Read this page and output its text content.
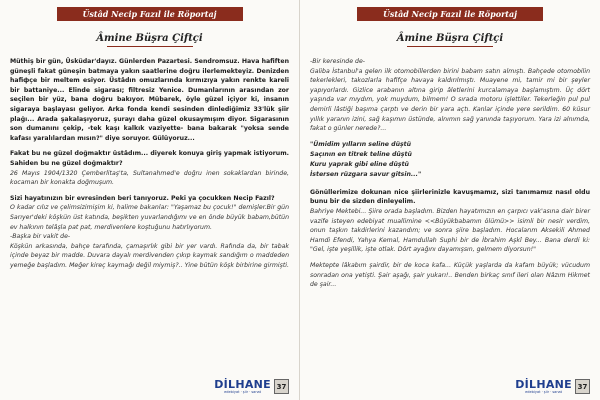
Üstâd Necip Fazıl ile Röportaj
Âmine Büşra Çiftçi

Müthiş bir gün, Üsküdar'dayız. Günlerden Pazartesi. Sendromsuz. Hava hafiften güneşli fakat güneşin batmaya yakın saatlerine doğru ilerlemekteyiz. Denizden hafiфçe bir meltem esiyor. Üstâdın omuzlarında kırmızıya yakın renkte kareli bir battaniye... Elinde sigarası; filtresiz Yenice. Dumanlarının arasından zor seçilen bir yüz, bana doğru bakıyor. Mübarek, öyle güzel içiyor ki, insanın sigaraya başlayası geliyor. Arka fonda kendi sesinden dinlediğimiz 33'lük şiir plağı... Arada şakalaşıyoruz, şurayı daha güzel okusaymışım diyor. Sigarasının son dumanını çekip, -tek kaşı kalkık vaziyette- bana bakarak "yoksa sende kafası yaralılardan mısın?" diye soruyor. Gülüyoruz...

Fakat bu ne güzel doğmaktır üstâdım... diyerek konuya giriş yapmak istiyorum. Sahiden bu ne güzel doğmaktır?

26 Mayıs 1904/1320 Çemberlitaş'ta, Sultanahmed'e doğru inen sokaklardan birinde, kocaman bir konakta doğmuşum.

Sizi hayatınızın bir evresinden beri tanıyoruz. Peki ya çocukken Necip Fazıl?

O kadar cılız ve çelimsizimişim ki, halime bakanlar: "Yaşamaz bu çocuk!" demişler.Bir gün Sarıyer'deki köşkün üst katında, beşikten yuvarlandığımı ve en önde büyük babam,bütün ev halkının telâşla pat pat, merdivenlere koştuğunu hatırlıyorum.

-Başka bir vakit de-

Köşkün arkasında, bahçe tarafında, çamaşırlık gibi bir yer vardı. Rafında da, bir tabak içinde beyaz bir madde. Duvara dayalı merdivenden çıkıp kaymak sandığım o maddeden yemeğe başladım. Meğer kireç kaymağı değil miymiş?.. Yine bütün köşk birbirine girmişti.

DİLHANE
edebiyat · şiir · sanat
37
Üstâd Necip Fazıl ile Röportaj
Âmine Büşra Çiftçi

-Bir keresinde de-

Galiba İstanbul'a gelen ilk otomobillerden birini babam satın almıştı. Bahçede otomobilin tekerlekleri, takozlarla hafifçe havaya kaldırılmıştı. Muayene mi, tamir mi bir şeyler yapıyorlardı. Gizlice arabanın altına girip âletlerini kurcalamaya başlamıştım. Üç dört yaşında var mıydım, yok muydum, bilmem! O sırada motoru işlettiler. Tekerleğin pul pul demirli lâstiği başıma çarptı ve derin bir yara açtı. Kanlar içinde yere serildim. 60 küsur yıllık yaranın izini, sağ kaşımın üstünde, alnımın sağ yanında taşıyorum. Yara izi alnımda, fakat o günler nerede?...

"Ümidim yılların seline düştü
Saçının en titrek teline düştü
Kuru yaprak gibi eline düştü
İstersen rüzgara savur gitsin..."

Gönüllerimize dokunan nice şiirlerinizle kavuşmamız, sizi tanımamız nasıl oldu bunu bir de sizden dinleyelim.

Bahriye Mektebi... Şiire orada başladım. Bizden hayatımızın en çarpıcı vak'asına dair birer vazife isteyen edebiyat muallimine <<Büyükbabamın ölümü>> isimli bir nesir verdim, onun taşkın takdirlerini kazandım; ve sonra şiire başladım. Hocalarım Aksekili Ahmed Hamdi Efendi, Yahya Kemal, Hamdullah Suphi bir de İbrahim Aşkî Bey... Bana derdi ki: "Gel, işte yeşillik, işte otlak. Dört ayağını dayamışsın, gelmem diyorsun!"

Mektepte lâkabım şairdir, bir de koca kafa... Küçük yaşlarda da kafam büyük; vücudum sonradan ona yetişti. Şair aşağı, şair yukarı!.. Benden birkaç sınıf ileri olan Nâzım Hikmet de şair...

DİLHANE
edebiyat · şiir · sanat
37
